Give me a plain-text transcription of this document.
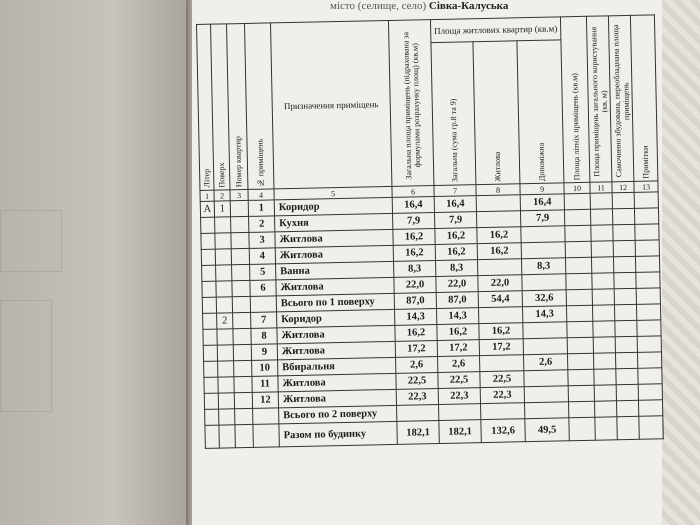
місто (селище, село) Сівка-Калуська
Літер	Поверх	Номер квартир	№ приміщень	Призначення приміщень	Загальна площа приміщень (підрахована за формулами розрахунку площ) (кв.м)	Площа житлових квартир (кв.м)			Площа літніх приміщень (кв.м)	Площа приміщень загального користування (кв. м)	Самочинно збудована, переобладнана площа приміщень	Примітки

						Загальна (сума гр.8 та 9)	Житлова	Допоміжна				

1	2	3	4	5	6	7	8	9	10	11	12	13
А	1		1	Коридор	16,4	16,4		16,4				
			2	Кухня	7,9	7,9		7,9				
			3	Житлова	16,2	16,2	16,2					
			4	Житлова	16,2	16,2	16,2					
			5	Ванна	8,3	8,3		8,3				
			6	Житлова	22,0	22,0	22,0					
				Всього по 1 поверху	87,0	87,0	54,4	32,6				
	2		7	Коридор	14,3	14,3		14,3				
			8	Житлова	16,2	16,2	16,2					
			9	Житлова	17,2	17,2	17,2					
			10	Вбиральня	2,6	2,6		2,6				
			11	Житлова	22,5	22,5	22,5					
			12	Житлова	22,3	22,3	22,3					
				Всього по 2 поверху								
				Разом по будинку	182,1	182,1	132,6	49,5				
